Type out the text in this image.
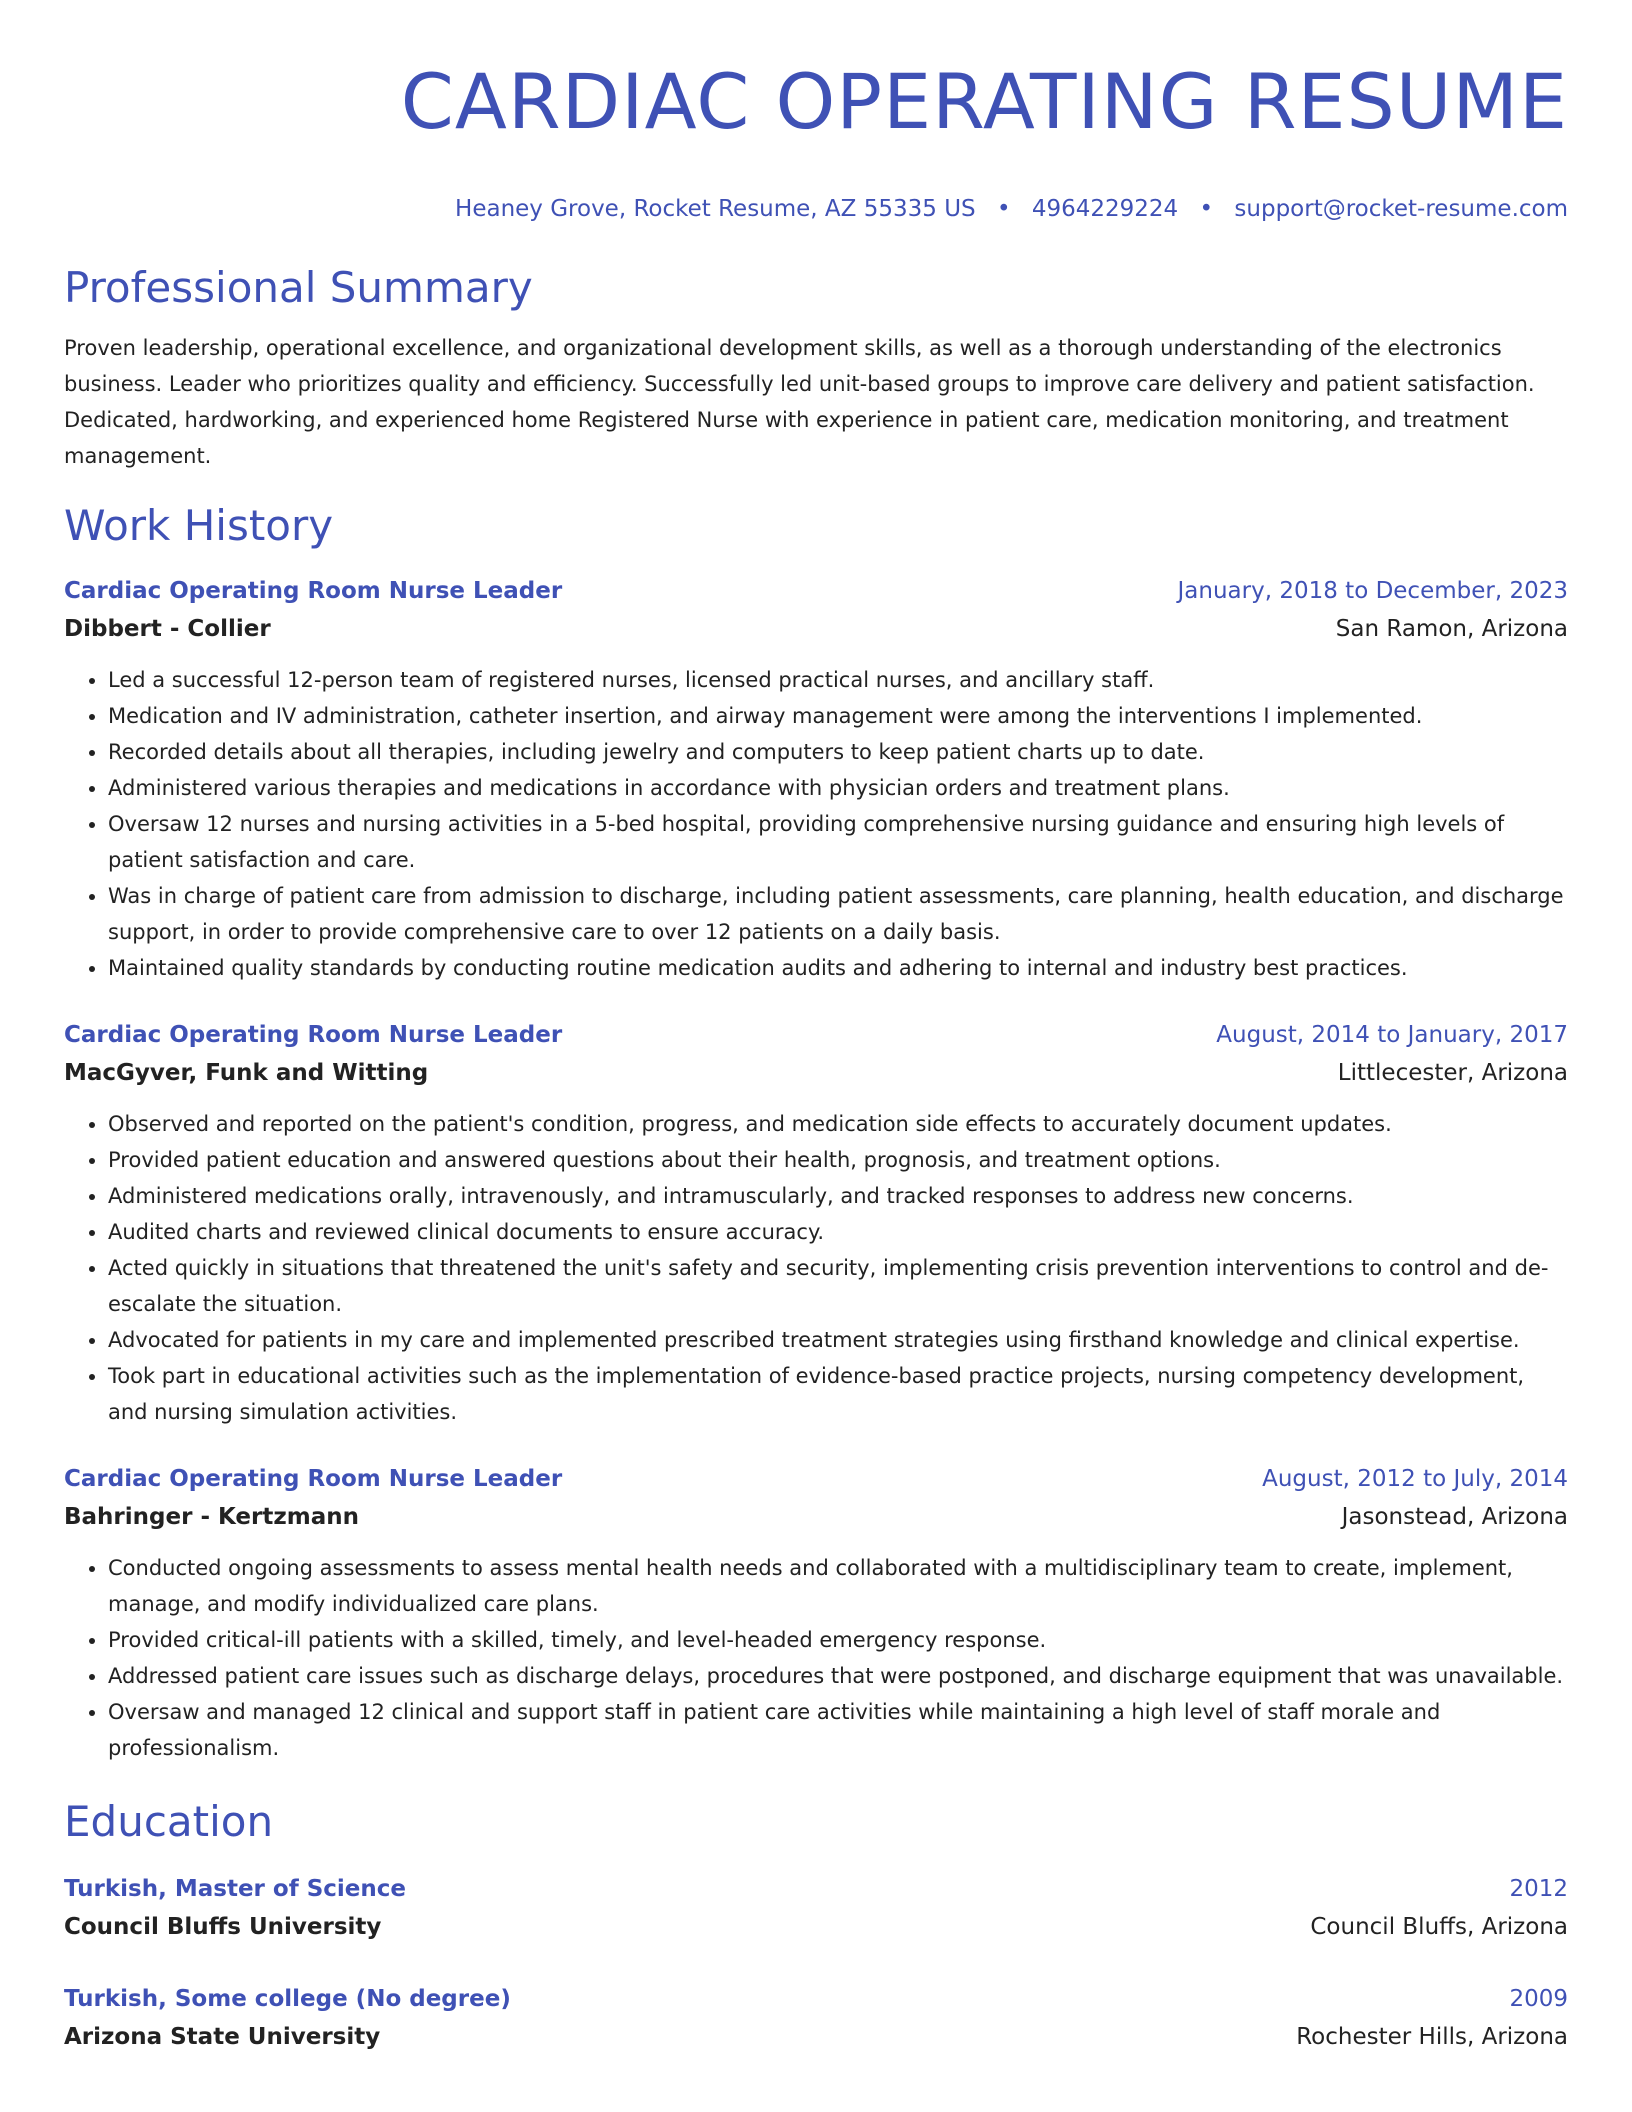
CARDIAC OPERATING RESUME
Heaney Grove, Rocket Resume, AZ 55335 US • 4964229224 • support@rocket-resume.com
Professional Summary

Proven leadership, operational excellence, and organizational development skills, as well as a thorough understanding of the electronics business. Leader who prioritizes quality and efficiency. Successfully led unit-based groups to improve care delivery and patient satisfaction. Dedicated, hardworking, and experienced home Registered Nurse with experience in patient care, medication monitoring, and treatment management.

Work History
Cardiac Operating Room Nurse Leader	January, 2018 to December, 2023
Dibbert - Collier	San Ramon, Arizona
• Led a successful 12-person team of registered nurses, licensed practical nurses, and ancillary staff.
• Medication and IV administration, catheter insertion, and airway management were among the interventions I implemented.
• Recorded details about all therapies, including jewelry and computers to keep patient charts up to date.
• Administered various therapies and medications in accordance with physician orders and treatment plans.
• Oversaw 12 nurses and nursing activities in a 5-bed hospital, providing comprehensive nursing guidance and ensuring high levels of patient satisfaction and care.
• Was in charge of patient care from admission to discharge, including patient assessments, care planning, health education, and discharge support, in order to provide comprehensive care to over 12 patients on a daily basis.
• Maintained quality standards by conducting routine medication audits and adhering to internal and industry best practices.
Cardiac Operating Room Nurse Leader	August, 2014 to January, 2017
MacGyver, Funk and Witting	Littlecester, Arizona
• Observed and reported on the patient's condition, progress, and medication side effects to accurately document updates.
• Provided patient education and answered questions about their health, prognosis, and treatment options.
• Administered medications orally, intravenously, and intramuscularly, and tracked responses to address new concerns.
• Audited charts and reviewed clinical documents to ensure accuracy.
• Acted quickly in situations that threatened the unit's safety and security, implementing crisis prevention interventions to control and de-escalate the situation.
• Advocated for patients in my care and implemented prescribed treatment strategies using firsthand knowledge and clinical expertise.
• Took part in educational activities such as the implementation of evidence-based practice projects, nursing competency development, and nursing simulation activities.
Cardiac Operating Room Nurse Leader	August, 2012 to July, 2014
Bahringer - Kertzmann	Jasonstead, Arizona
• Conducted ongoing assessments to assess mental health needs and collaborated with a multidisciplinary team to create, implement, manage, and modify individualized care plans.
• Provided critical-ill patients with a skilled, timely, and level-headed emergency response.
• Addressed patient care issues such as discharge delays, procedures that were postponed, and discharge equipment that was unavailable.
• Oversaw and managed 12 clinical and support staff in patient care activities while maintaining a high level of staff morale and professionalism.
Education
Turkish, Master of Science	2012
Council Bluffs University	Council Bluffs, Arizona
Turkish, Some college (No degree)	2009
Arizona State University	Rochester Hills, Arizona
